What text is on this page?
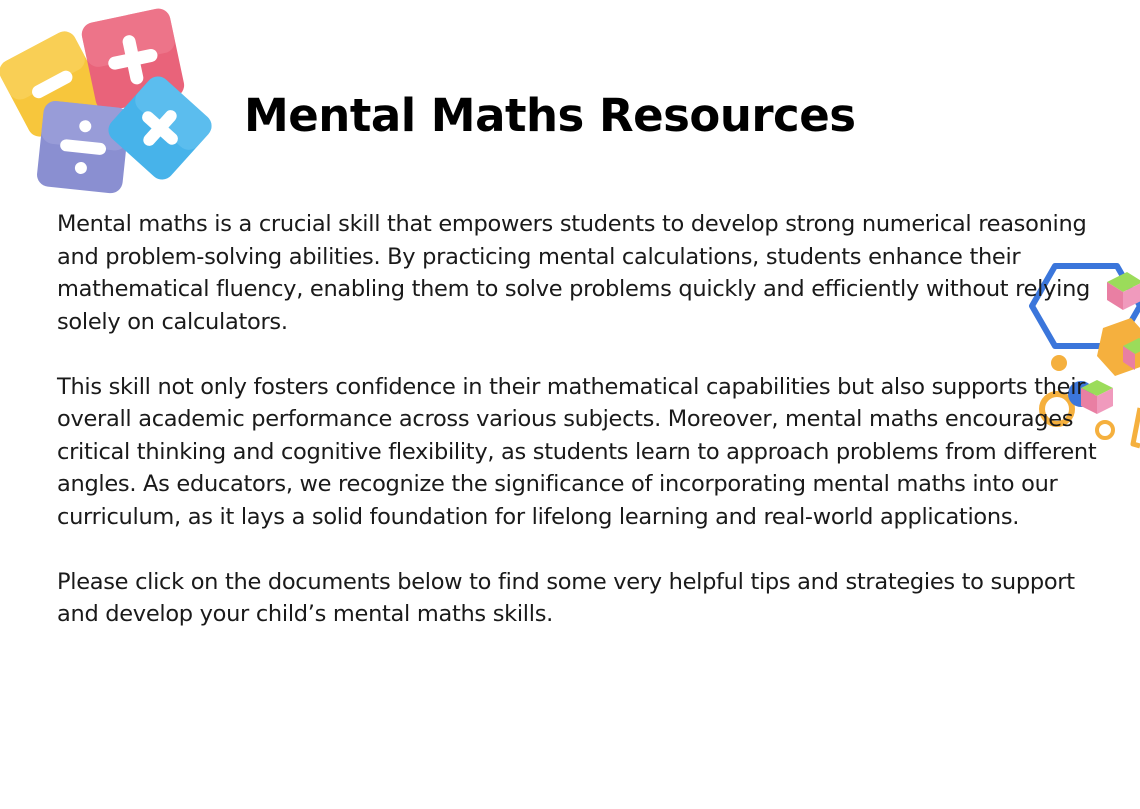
Mental Maths Resources

Mental maths is a crucial skill that empowers students to develop strong numerical reasoning and problem-solving abilities. By practicing mental calculations, students enhance their mathematical fluency, enabling them to solve problems quickly and efficiently without relying solely on calculators.

This skill not only fosters confidence in their mathematical capabilities but also supports their overall academic performance across various subjects. Moreover, mental maths encourages critical thinking and cognitive flexibility, as students learn to approach problems from different angles. As educators, we recognize the significance of incorporating mental maths into our curriculum, as it lays a solid foundation for lifelong learning and real-world applications.

Please click on the documents below to find some very helpful tips and strategies to support and develop your child’s mental maths skills.
